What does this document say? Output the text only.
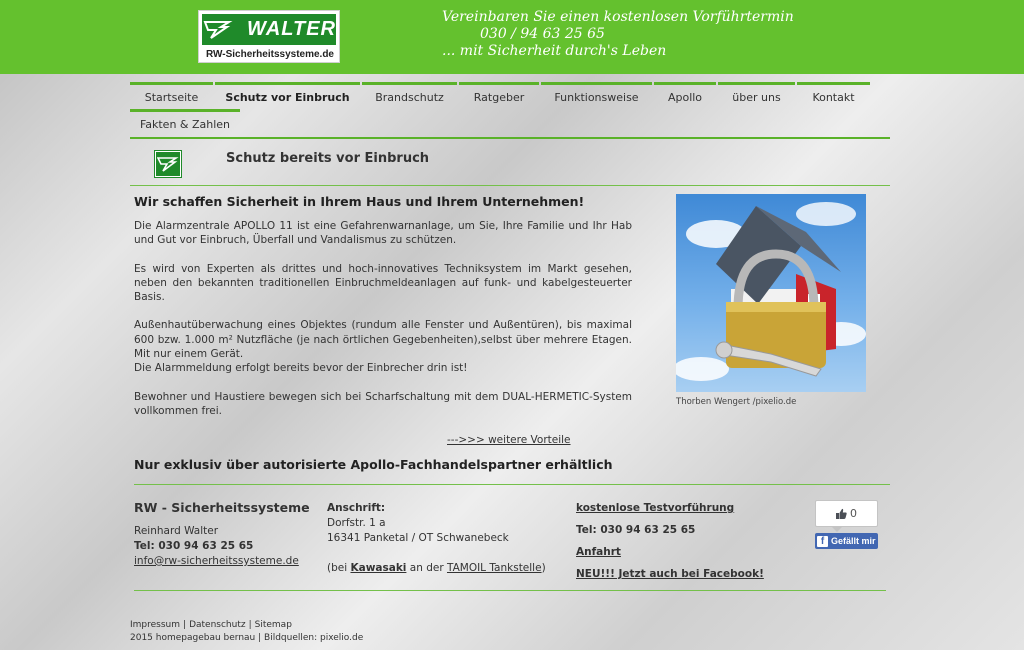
WALTER
RW-Sicherheitssysteme.de
Vereinbaren Sie einen kostenlosen Vorführtermin
030 / 94 63 25 65
... mit Sicherheit durch's Leben
Startseite	Schutz vor Einbruch	Brandschutz	Ratgeber	Funktionsweise	Apollo	über uns	Kontakt
Fakten & Zahlen
Schutz bereits vor Einbruch
Wir schaffen Sicherheit in Ihrem Haus und Ihrem Unternehmen!

Die Alarmzentrale APOLLO 11 ist eine Gefahrenwarnanlage, um Sie, Ihre Familie und Ihr Hab und Gut vor Einbruch, Überfall und Vandalismus zu schützen.

Es wird von Experten als drittes und hoch-innovatives Techniksystem im Markt gesehen, neben den bekannten traditionellen Einbruchmeldeanlagen auf funk- und kabelgesteuerter Basis.

Außenhautüberwachung eines Objektes (rundum alle Fenster und Außentüren), bis maximal 600 bzw. 1.000 m² Nutzfläche (je nach örtlichen Gegebenheiten),selbst über mehrere Etagen. Mit nur einem Gerät.
Die Alarmmeldung erfolgt bereits bevor der Einbrecher drin ist!

Bewohner und Haustiere bewegen sich bei Scharfschaltung mit dem DUAL-HERMETIC-System vollkommen frei.

Thorben Wengert /pixelio.de
--->>> weitere Vorteile
Nur exklusiv über autorisierte Apollo-Fachhandelspartner erhältlich
RW - Sicherheitssysteme
Reinhard Walter
Tel: 030 94 63 25 65
info@rw-sicherheitssysteme.de
Anschrift:
Dorfstr. 1 a
16341 Panketal / OT Schwanebeck
(bei Kawasaki an der TAMOIL Tankstelle)
kostenlose Testvorführung
Tel: 030 94 63 25 65
Anfahrt
NEU!!! Jetzt auch bei Facebook!
0
f Gefällt mir
Impressum | Datenschutz | Sitemap
2015 homepagebau bernau | Bildquellen: pixelio.de
